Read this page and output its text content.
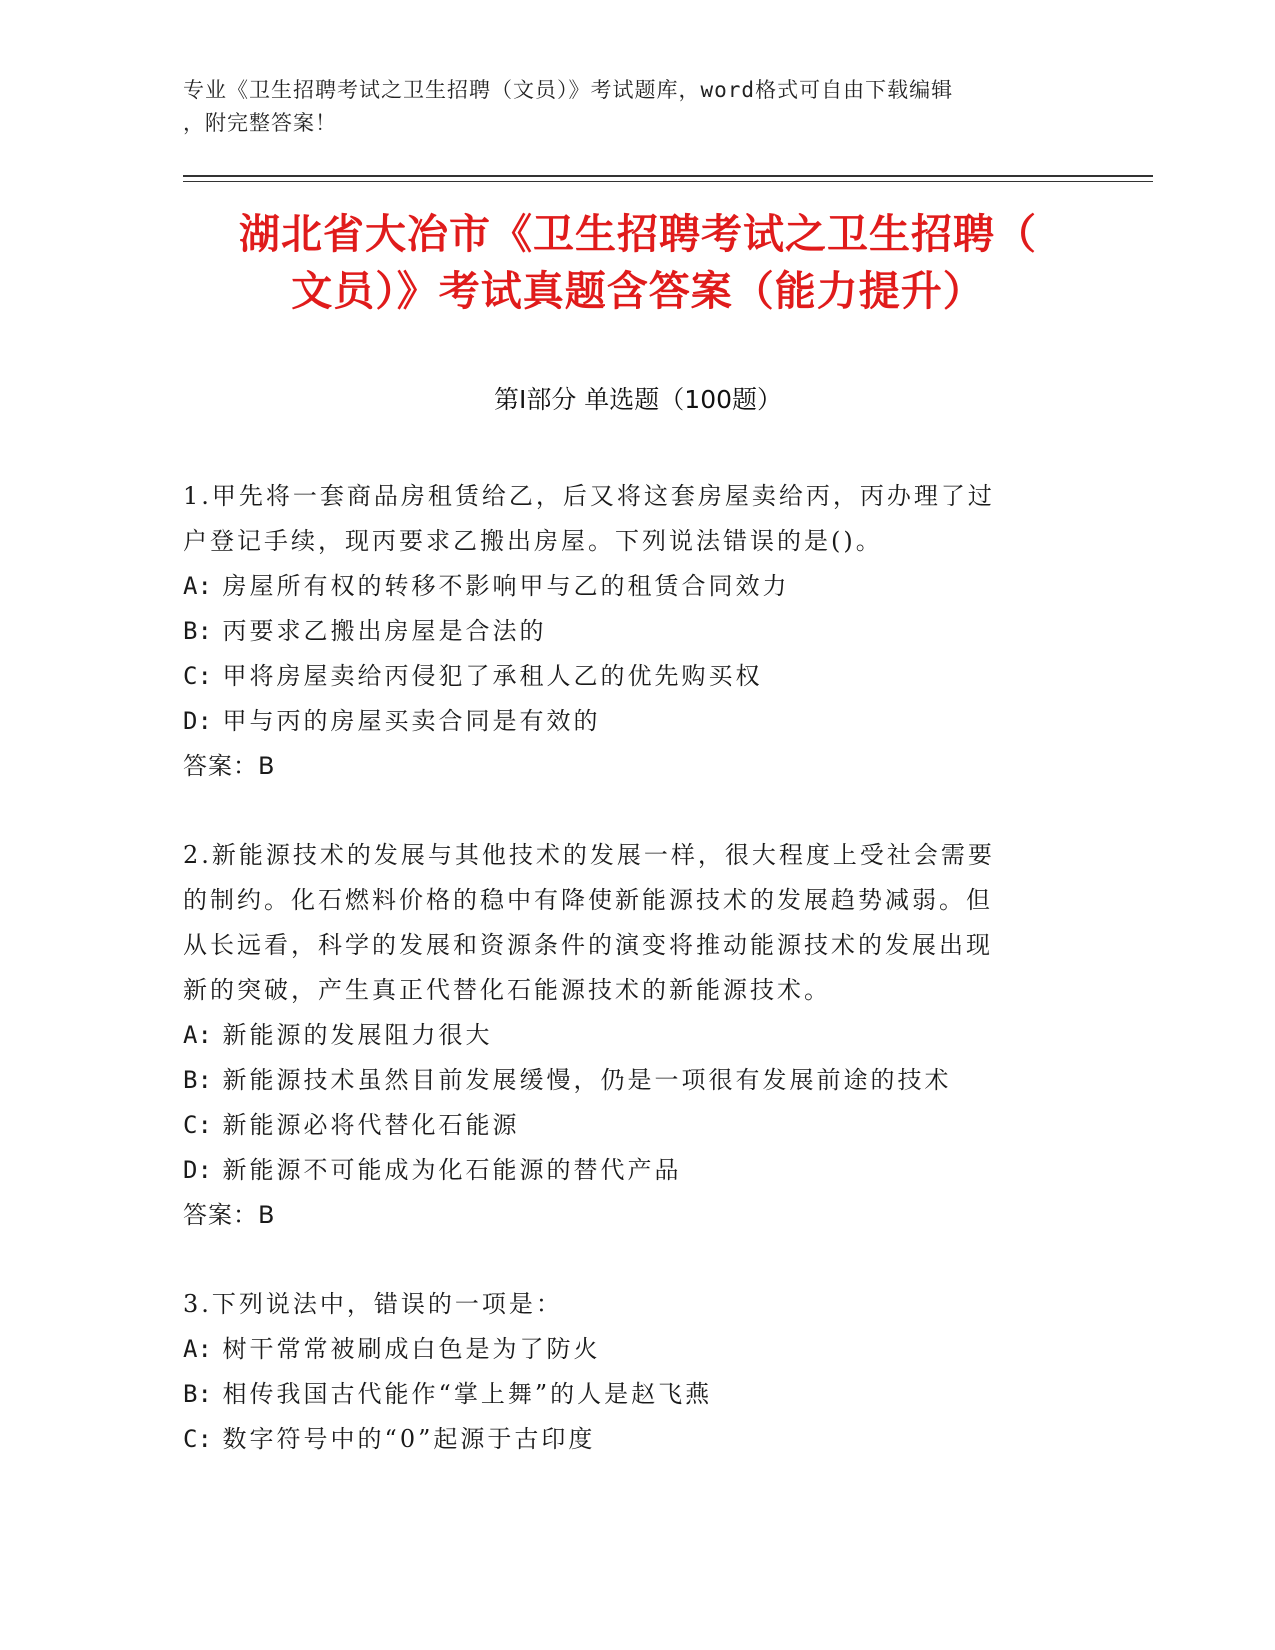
专业《卫生招聘考试之卫生招聘（文员）》考试题库，word格式可自由下载编辑
，附完整答案！
湖北省大冶市《卫生招聘考试之卫生招聘（
文员）》考试真题含答案（能力提升）
第Ⅰ部分 单选题（100题）
1.甲先将一套商品房租赁给乙，后又将这套房屋卖给丙，丙办理了过
户登记手续，现丙要求乙搬出房屋。下列说法错误的是()。
A: 房屋所有权的转移不影响甲与乙的租赁合同效力
B: 丙要求乙搬出房屋是合法的
C: 甲将房屋卖给丙侵犯了承租人乙的优先购买权
D: 甲与丙的房屋买卖合同是有效的
答案：B
2.新能源技术的发展与其他技术的发展一样，很大程度上受社会需要
的制约。化石燃料价格的稳中有降使新能源技术的发展趋势减弱。但
从长远看，科学的发展和资源条件的演变将推动能源技术的发展出现
新的突破，产生真正代替化石能源技术的新能源技术。
A: 新能源的发展阻力很大
B: 新能源技术虽然目前发展缓慢，仍是一项很有发展前途的技术
C: 新能源必将代替化石能源
D: 新能源不可能成为化石能源的替代产品
答案：B
3.下列说法中，错误的一项是：
A: 树干常常被刷成白色是为了防火
B: 相传我国古代能作“掌上舞”的人是赵飞燕
C: 数字符号中的“0”起源于古印度
